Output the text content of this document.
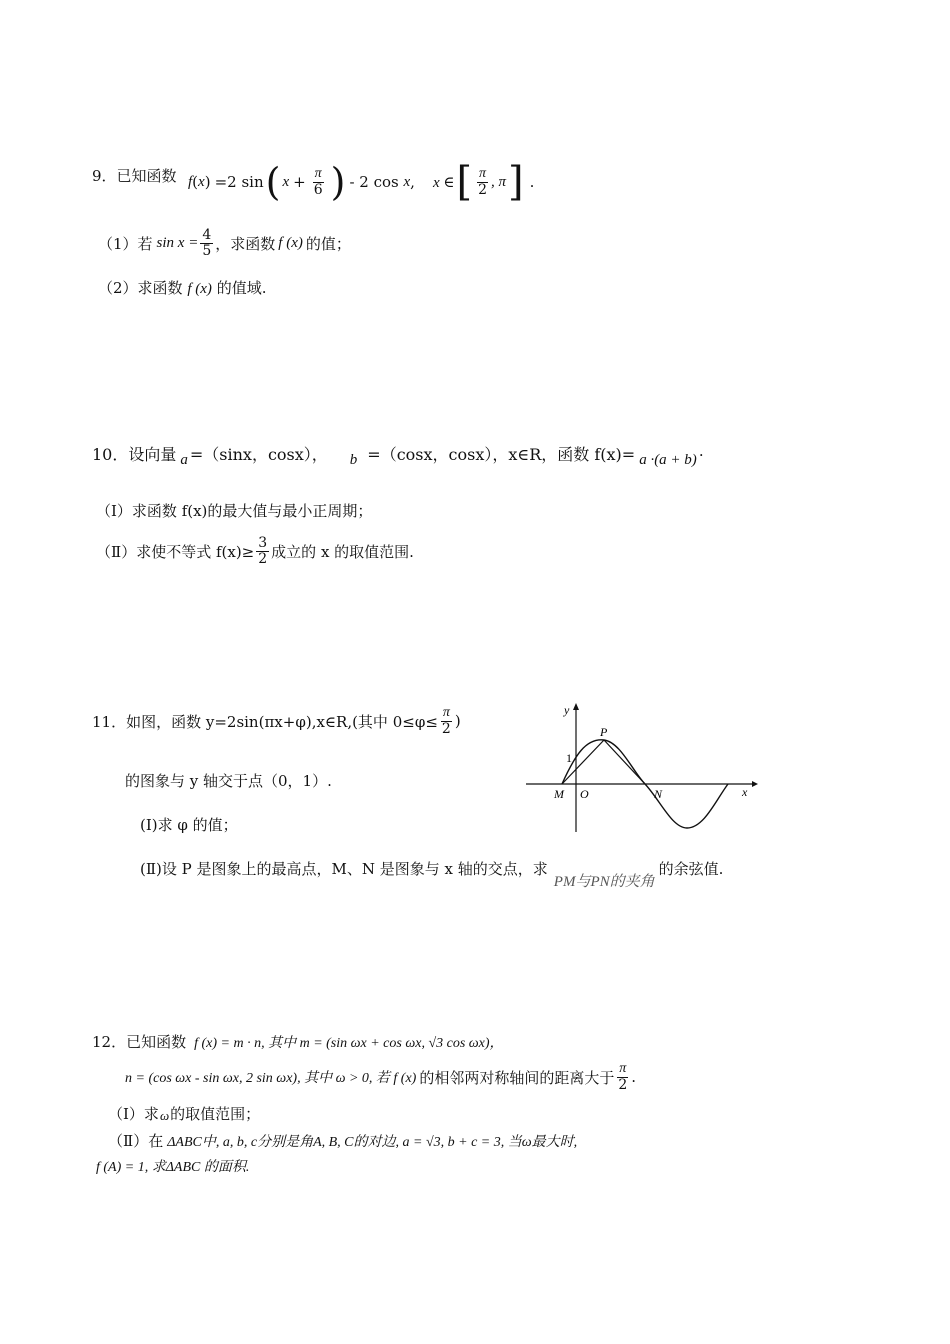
9．已知函数 f ( x ) =2 sin ( $x + \frac{\pi}{6}$ ) - 2 cos
x , x ∈ [ $\frac{\pi}{2}$ , π ] .
（1）若 $\sin x = \frac{4}{5}$ ，求函数 f (x) 的值；
（2）求函数 f (x) 的值域.
10．设向量 a =（sinx，cosx）， b =（cosx，cosx），x∈R，函数 f(x)= a ·(a + b) .
（Ⅰ）求函数 f(x)的最大值与最小正周期；
（Ⅱ）求使不等式 $f(x)\ge \frac{3}{2}$ 成立的 x 的取值范围.
11．如图，函数 y=2sin(πx+φ),x∈R,(其中 $0\le\varphi\le \frac{\pi}{2}$ )
的图象与 y 轴交于点（0，1）.
(Ⅰ)求 φ 的值；
(Ⅱ)设 P 是图象上的最高点，M、N 是图象与 x 轴的交点，求
PM与PN的夹角
的余弦值.
y
x
1
P
M O	N
12．已知函数 f (x) = m · n, 其中 m = (sin ωx + cos ωx, √3 cos ωx)，
n = (cos ωx - sin ωx, 2 sin ωx), 其中 ω > 0, 若 f (x) 的相邻两对称轴间的距离大于 $\frac{\pi}{2}$ .
（Ⅰ）求 ω 的取值范围；
（Ⅱ）在 ΔABC中, a, b, c分别是角A, B, C的对边, a = √3, b + c = 3, 当ω最大时,
f (A) = 1, 求ΔABC 的面积.
